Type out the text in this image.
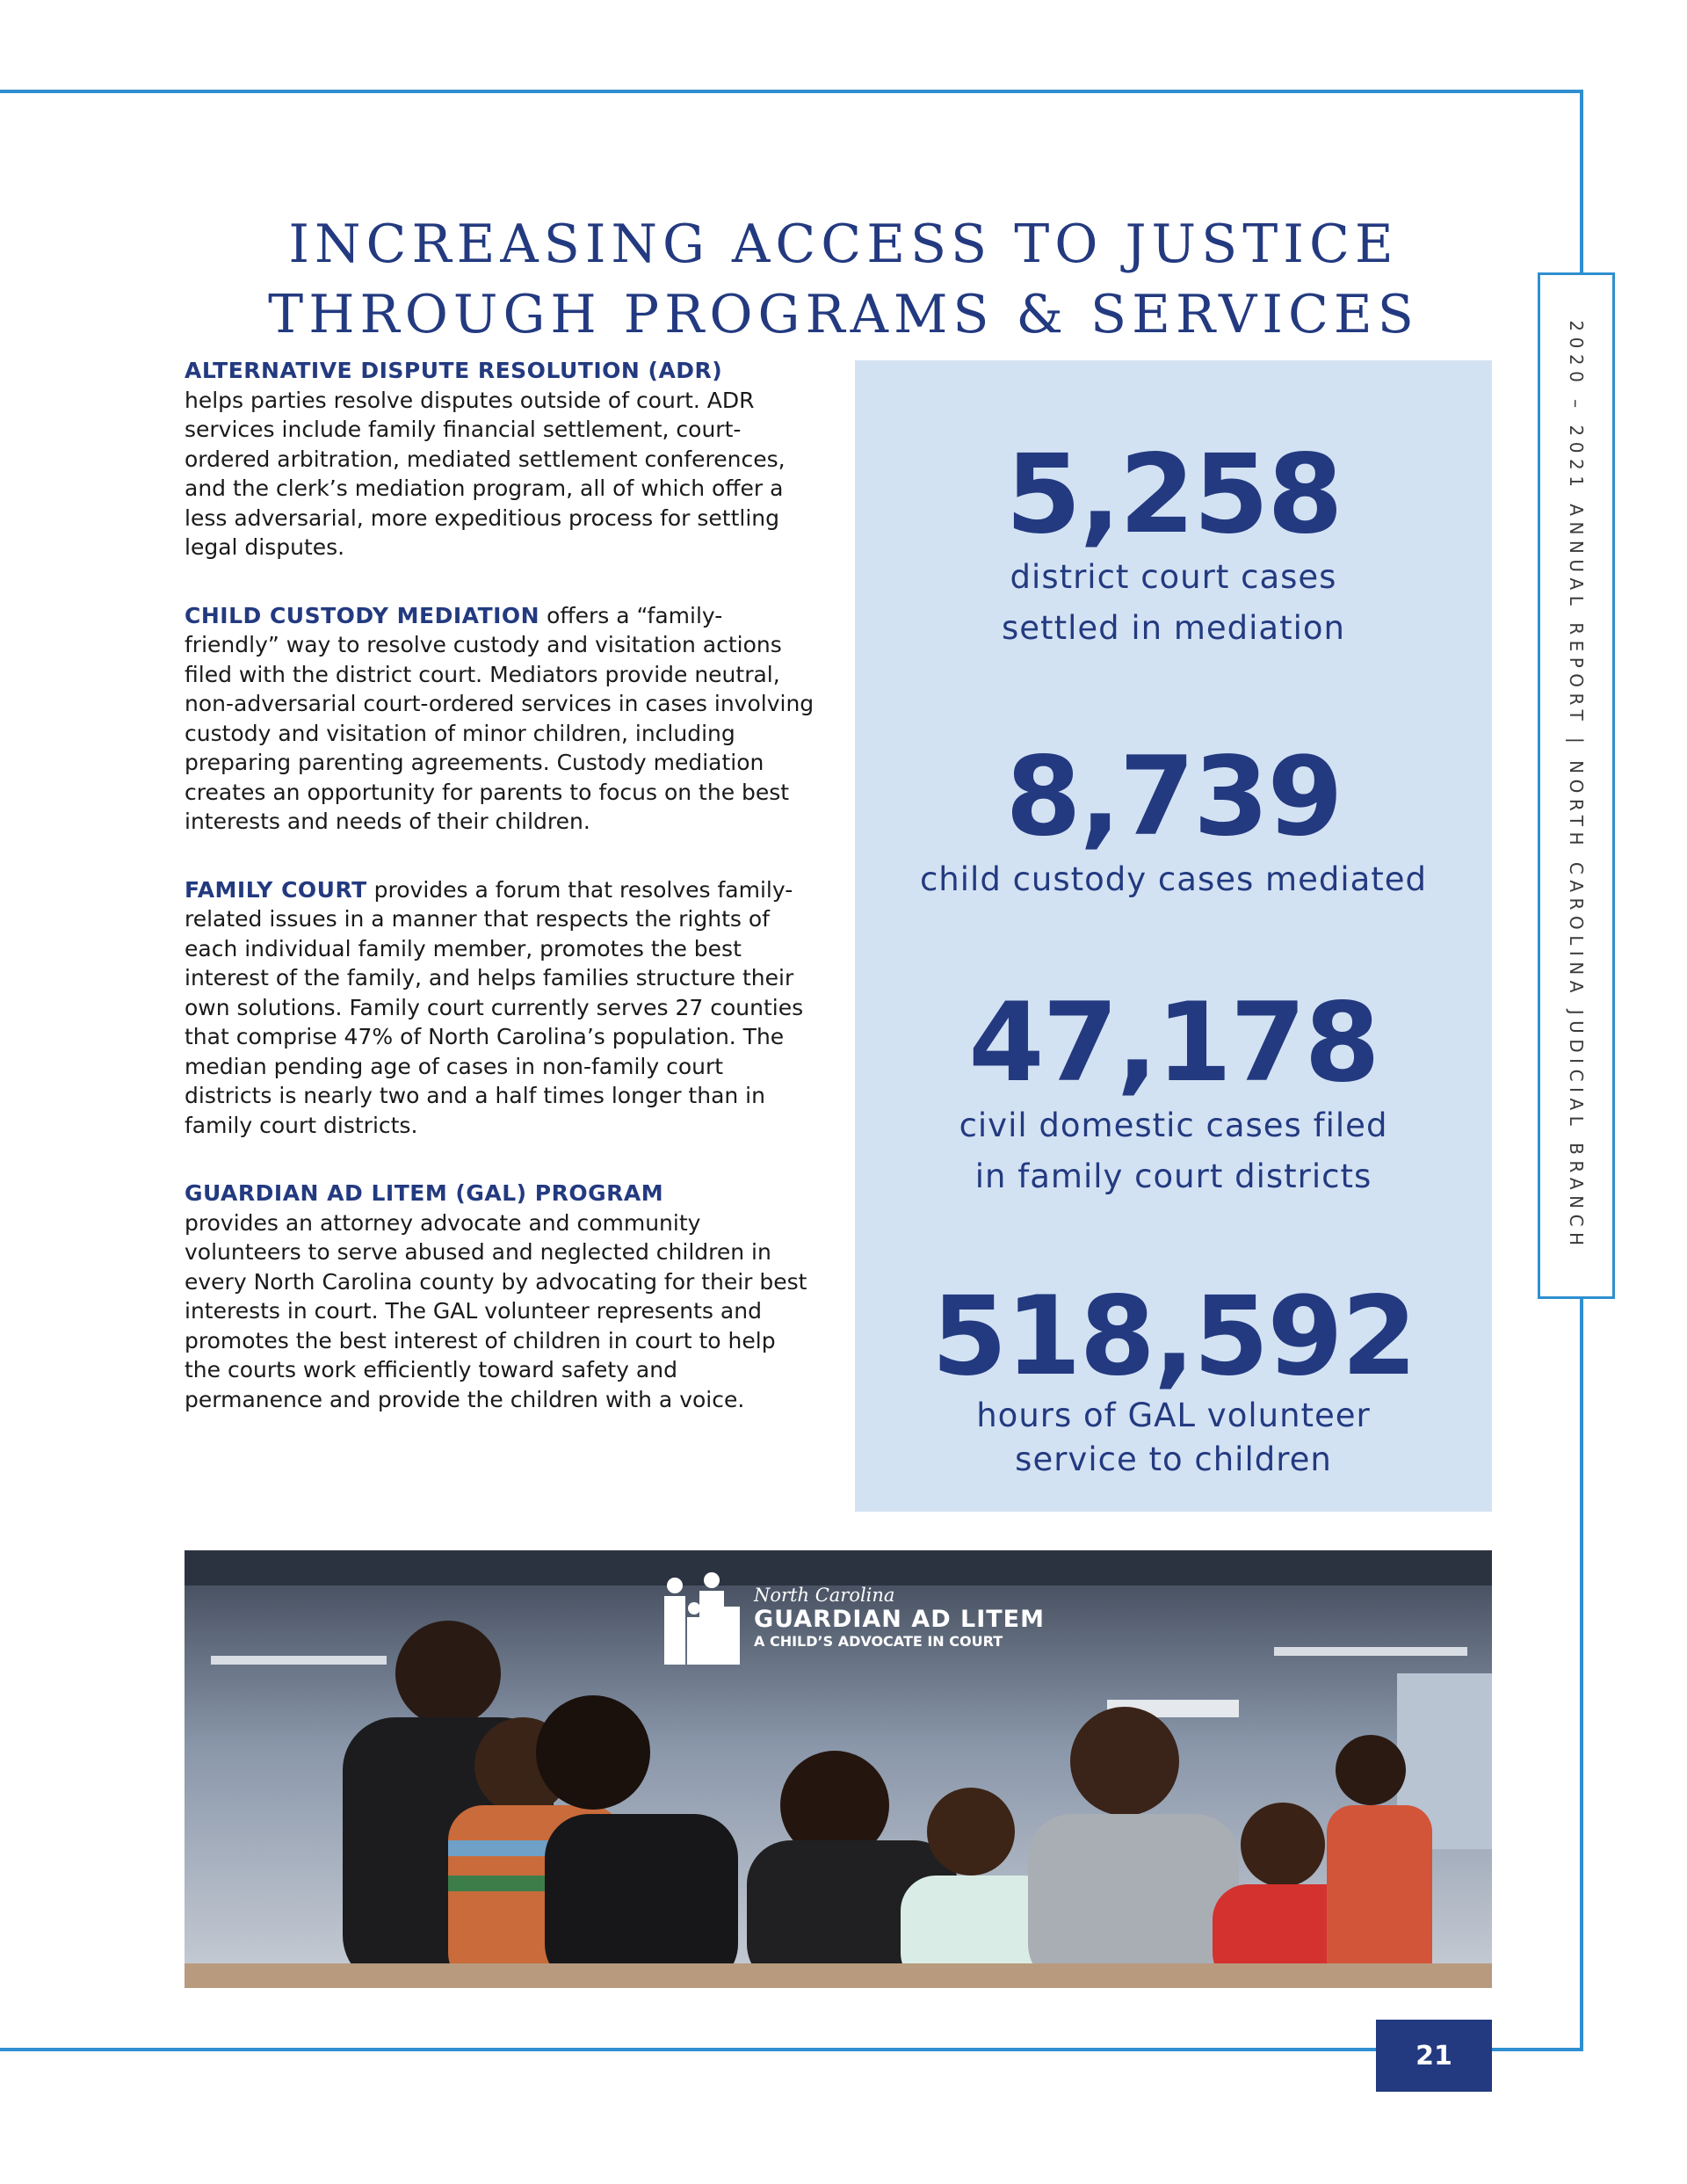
2020 – 2021 ANNUAL REPORT | NORTH CAROLINA JUDICIAL BRANCH
INCREASING ACCESS TO JUSTICE
THROUGH PROGRAMS & SERVICES

ALTERNATIVE DISPUTE RESOLUTION (ADR)
helps parties resolve disputes outside of court. ADR services include family financial settlement, court-ordered arbitration, mediated settlement conferences, and the clerk’s mediation program, all of which offer a less adversarial, more expeditious process for settling legal disputes.

CHILD CUSTODY MEDIATION offers a “family-friendly” way to resolve custody and visitation actions filed with the district court. Mediators provide neutral, non-adversarial court-ordered services in cases involving custody and visitation of minor children, including preparing parenting agreements. Custody mediation creates an opportunity for parents to focus on the best interests and needs of their children.

FAMILY COURT provides a forum that resolves family-related issues in a manner that respects the rights of each individual family member, promotes the best interest of the family, and helps families structure their own solutions. Family court currently serves 27 counties that comprise 47% of North Carolina’s population. The median pending age of cases in non-family court districts is nearly two and a half times longer than in family court districts.

GUARDIAN AD LITEM (GAL) PROGRAM
provides an attorney advocate and community volunteers to serve abused and neglected children in every North Carolina county by advocating for their best interests in court. The GAL volunteer represents and promotes the best interest of children in court to help the courts work efficiently toward safety and permanence and provide the children with a voice.

5,258
district court cases
settled in mediation
8,739
child custody cases mediated
47,178
civil domestic cases filed
in family court districts
518,592
hours of GAL volunteer
service to children
North Carolina
GUARDIAN AD LITEM
A CHILD’S ADVOCATE IN COURT
21
